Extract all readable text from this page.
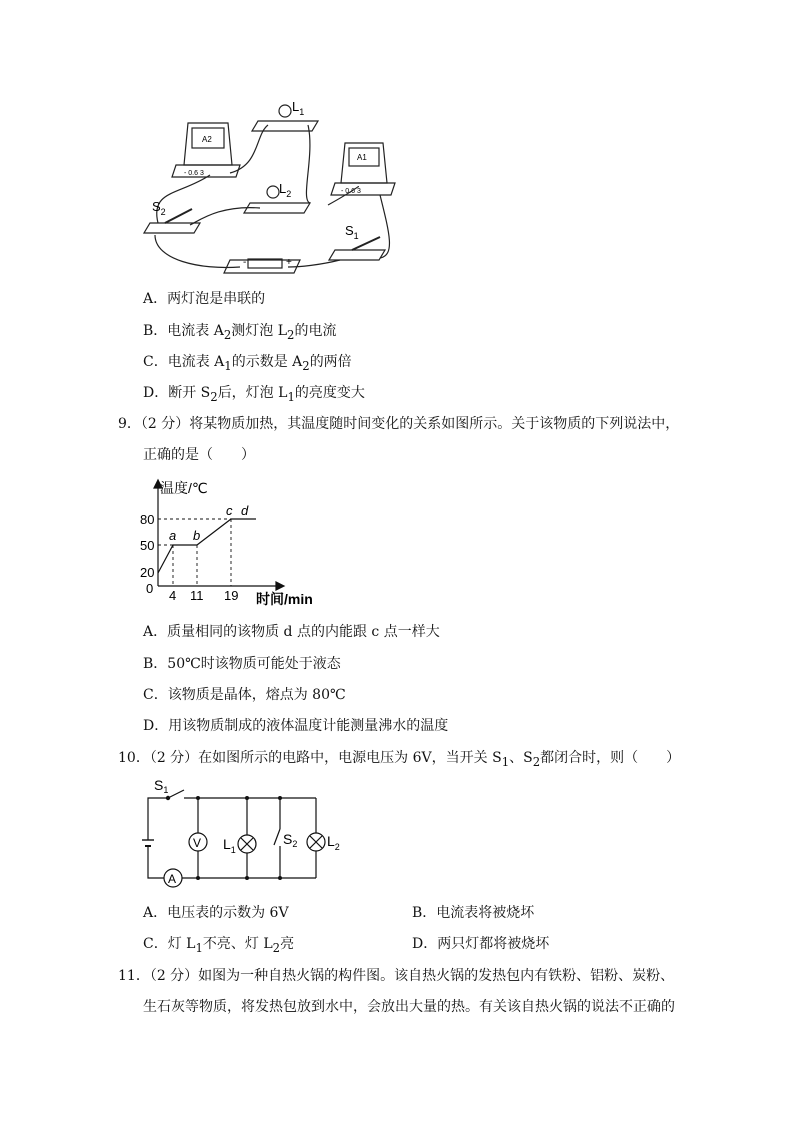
A2
A1
- 0.6 3
- 0.6 3
$L_1$
$L_2$
$S_2$
$S_1$
-	+
A．两灯泡是串联的
B．电流表 $A_2$测灯泡 $L_2$的电流
C．电流表 $A_1$的示数是 $A_2$的两倍
D．断开 $S_2$后，灯泡 $L_1$的亮度变大
9．（2 分）将某物质加热，其温度随时间变化的关系如图所示。关于该物质的下列说法中，
正确的是（　　）
温度/℃
时间/min
0
20
50
80
4 11 19
a b
c d
A．质量相同的该物质 d 点的内能跟 c 点一样大
B．50℃时该物质可能处于液态
C．该物质是晶体，熔点为 80℃
D．用该物质制成的液体温度计能测量沸水的温度
10．（2 分）在如图所示的电路中，电源电压为 6V，当开关 $S_1$、$S_2$都闭合时，则（　　）
$S_1$
V
A
$L_1$
$S_2$ $L_2$
A．电压表的示数为 6V	B．电流表将被烧坏
C．灯 $L_1$不亮、灯 $L_2$亮	D．两只灯都将被烧坏
11．（2 分）如图为一种自热火锅的构件图。该自热火锅的发热包内有铁粉、铝粉、炭粉、
生石灰等物质，将发热包放到水中，会放出大量的热。有关该自热火锅的说法不正确的
